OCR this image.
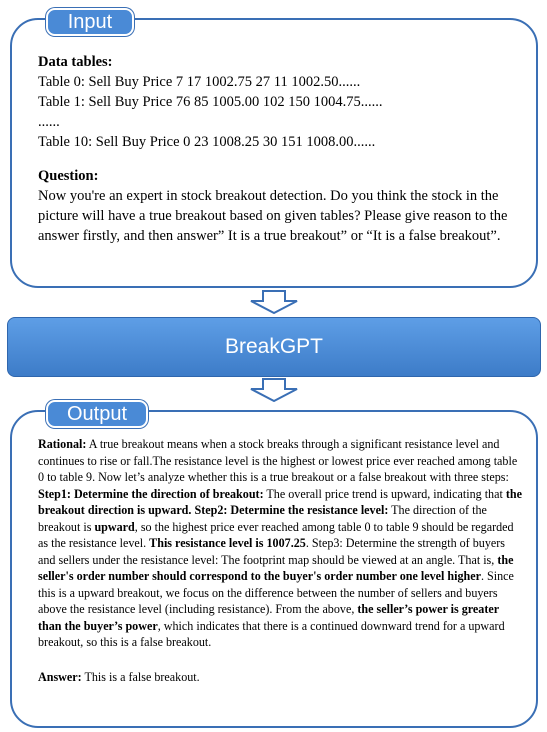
Data tables:
Table 0: Sell Buy Price 7 17 1002.75 27 11 1002.50......
Table 1: Sell Buy Price 76 85 1005.00 102 150 1004.75......
......
Table 10: Sell Buy Price 0 23 1008.25 30 151 1008.00......
Question:
Now you're an expert in stock breakout detection. Do you think the stock in the picture will have a true breakout based on given tables? Please give reason to the answer firstly, and then answer” It is a true breakout” or “It is a false breakout”.
Input
BreakGPT
Rational: A true breakout means when a stock breaks through a significant resistance level and continues to rise or fall.The resistance level is the highest or lowest price ever reached among table 0 to table 9. Now let’s analyze whether this is a true breakout or a false breakout with three steps: Step1: Determine the direction of breakout: The overall price trend is upward, indicating that the breakout direction is upward. Step2: Determine the resistance level: The direction of the breakout is upward, so the highest price ever reached among table 0 to table 9 should be regarded as the resistance level. This resistance level is 1007.25. Step3: Determine the strength of buyers and sellers under the resistance level: The footprint map should be viewed at an angle. That is, the seller's order number should correspond to the buyer's order number one level higher. Since this is a upward breakout, we focus on the difference between the number of sellers and buyers above the resistance level (including resistance). From the above, the seller’s power is greater than the buyer’s power, which indicates that there is a continued downward trend for a upward breakout, so this is a false breakout.
Answer: This is a false breakout.
Output
